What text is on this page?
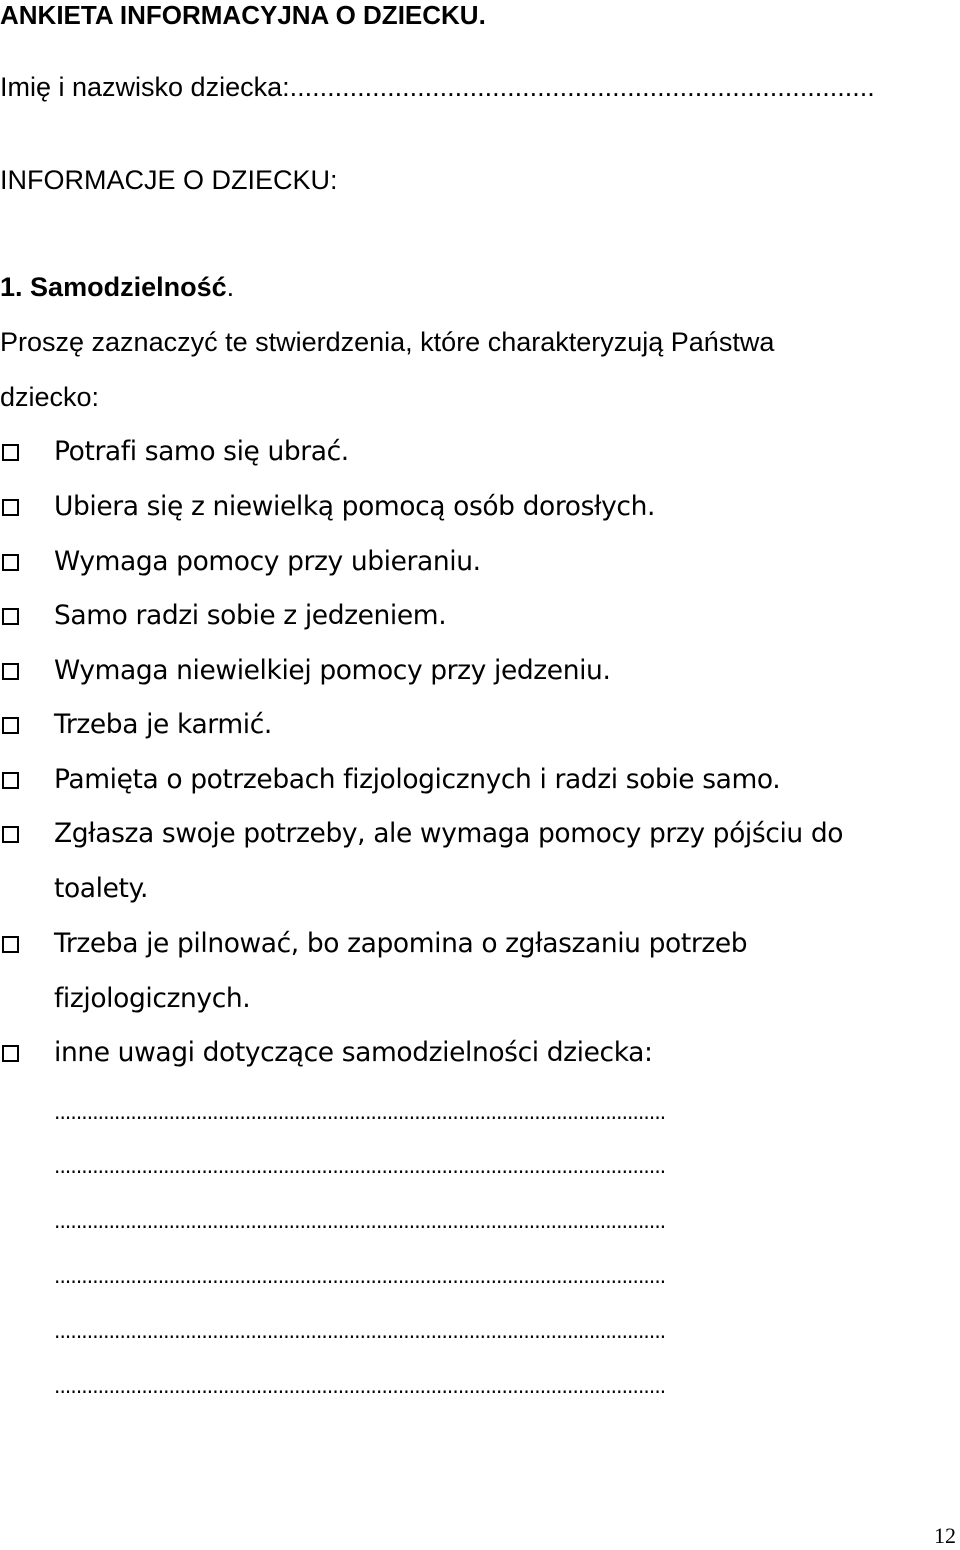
ANKIETA INFORMACYJNA O DZIECKU.
Imię i nazwisko dziecka:..............................................................................
INFORMACJE O DZIECKU:
1. Samodzielność.
Proszę zaznaczyć te stwierdzenia, które charakteryzują Państwa
dziecko:
Potrafi samo się ubrać.
Ubiera się z niewielką pomocą osób dorosłych.
Wymaga pomocy przy ubieraniu.
Samo radzi sobie z jedzeniem.
Wymaga niewielkiej pomocy przy jedzeniu.
Trzeba je karmić.
Pamięta o potrzebach fizjologicznych i radzi sobie samo.
Zgłasza swoje potrzeby, ale wymaga pomocy przy pójściu do
toalety.
Trzeba je pilnować, bo zapomina o zgłaszaniu potrzeb
fizjologicznych.
inne uwagi dotyczące samodzielności dziecka:
................................................................................................................
................................................................................................................
................................................................................................................
................................................................................................................
................................................................................................................
................................................................................................................
12
